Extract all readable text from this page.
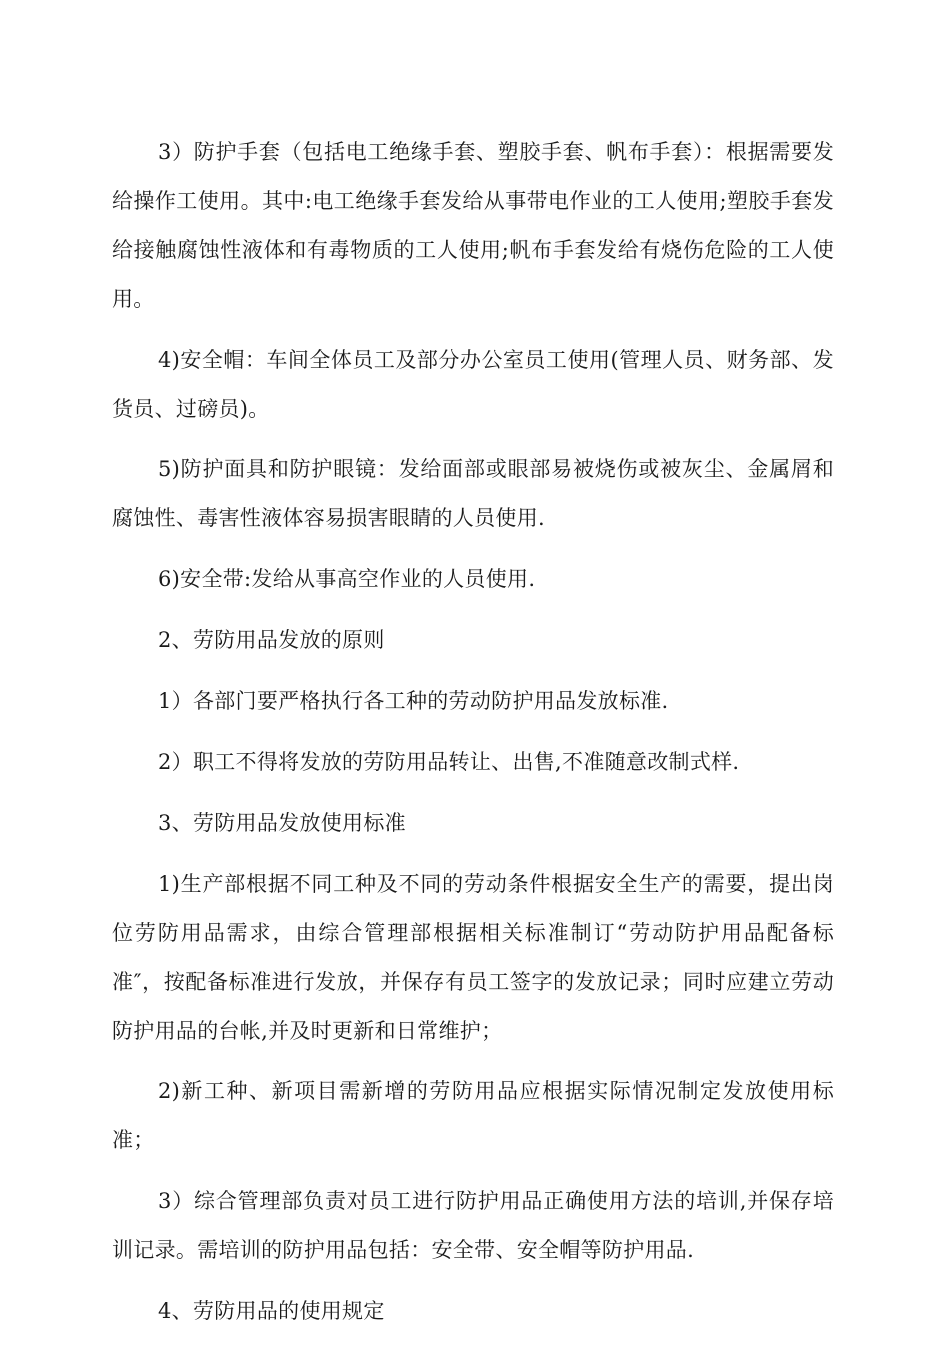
3）防护手套（包括电工绝缘手套、塑胶手套、帆布手套）：根据需要发给操作工使用。其中:电工绝缘手套发给从事带电作业的工人使用;塑胶手套发给接触腐蚀性液体和有毒物质的工人使用;帆布手套发给有烧伤危险的工人使用。

4)安全帽：车间全体员工及部分办公室员工使用(管理人员、财务部、发货员、过磅员)。

5)防护面具和防护眼镜：发给面部或眼部易被烧伤或被灰尘、金属屑和腐蚀性、毒害性液体容易损害眼睛的人员使用.

6)安全带:发给从事高空作业的人员使用.

2、劳防用品发放的原则

1）各部门要严格执行各工种的劳动防护用品发放标准.

2）职工不得将发放的劳防用品转让、出售,不准随意改制式样.

3、劳防用品发放使用标准

1)生产部根据不同工种及不同的劳动条件根据安全生产的需要，提出岗位劳防用品需求，由综合管理部根据相关标准制订“劳动防护用品配备标准″，按配备标准进行发放，并保存有员工签字的发放记录；同时应建立劳动防护用品的台帐,并及时更新和日常维护；

2)新工种、新项目需新增的劳防用品应根据实际情况制定发放使用标准；

3）综合管理部负责对员工进行防护用品正确使用方法的培训,并保存培训记录。需培训的防护用品包括：安全带、安全帽等防护用品.

4、劳防用品的使用规定
